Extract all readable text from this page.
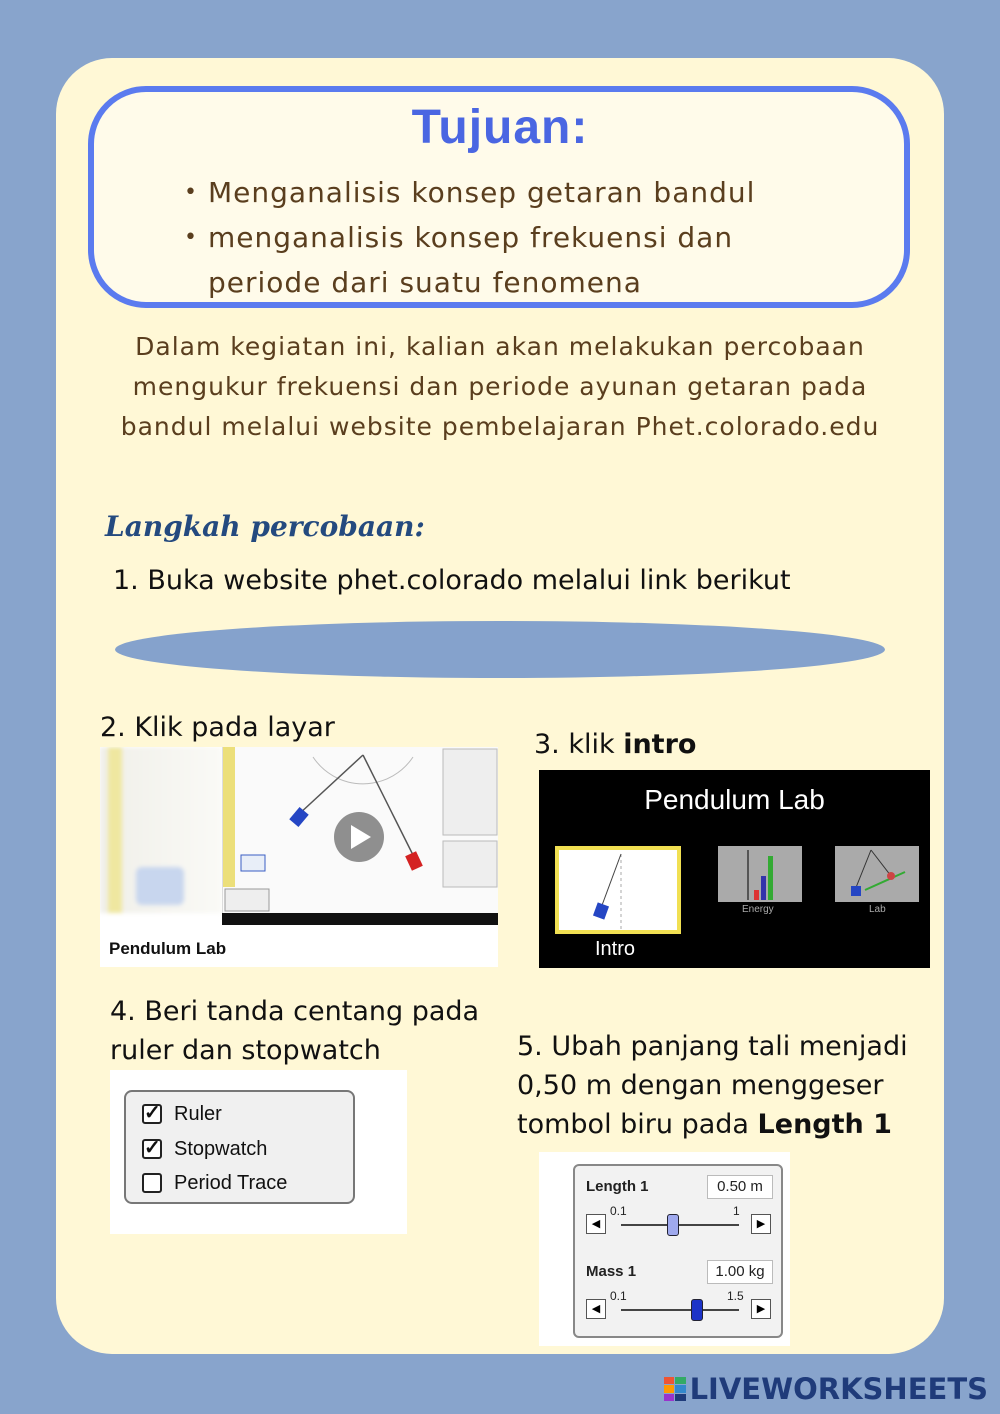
Tujuan:
• Menganalisis konsep getaran bandul
• menganalisis konsep frekuensi dan periode dari suatu fenomena
Dalam kegiatan ini, kalian akan melakukan percobaan mengukur frekuensi dan periode ayunan getaran pada bandul melalui website pembelajaran Phet.colorado.edu
Langkah percobaan:
1. Buka website phet.colorado melalui link berikut
2. Klik pada layar
Pendulum Lab
3. klik intro
Pendulum Lab
Intro
Energy	Lab
4. Beri tanda centang pada ruler dan stopwatch
✓ Ruler
✓ Stopwatch
Period Trace
5. Ubah panjang tali menjadi 0,50 m dengan menggeser tombol biru pada Length 1
Length 1	0.50 m
◀
0.1	1
▶
Mass 1	1.00 kg
◀
0.1	1.5
▶
LIVEWORKSHEETS
